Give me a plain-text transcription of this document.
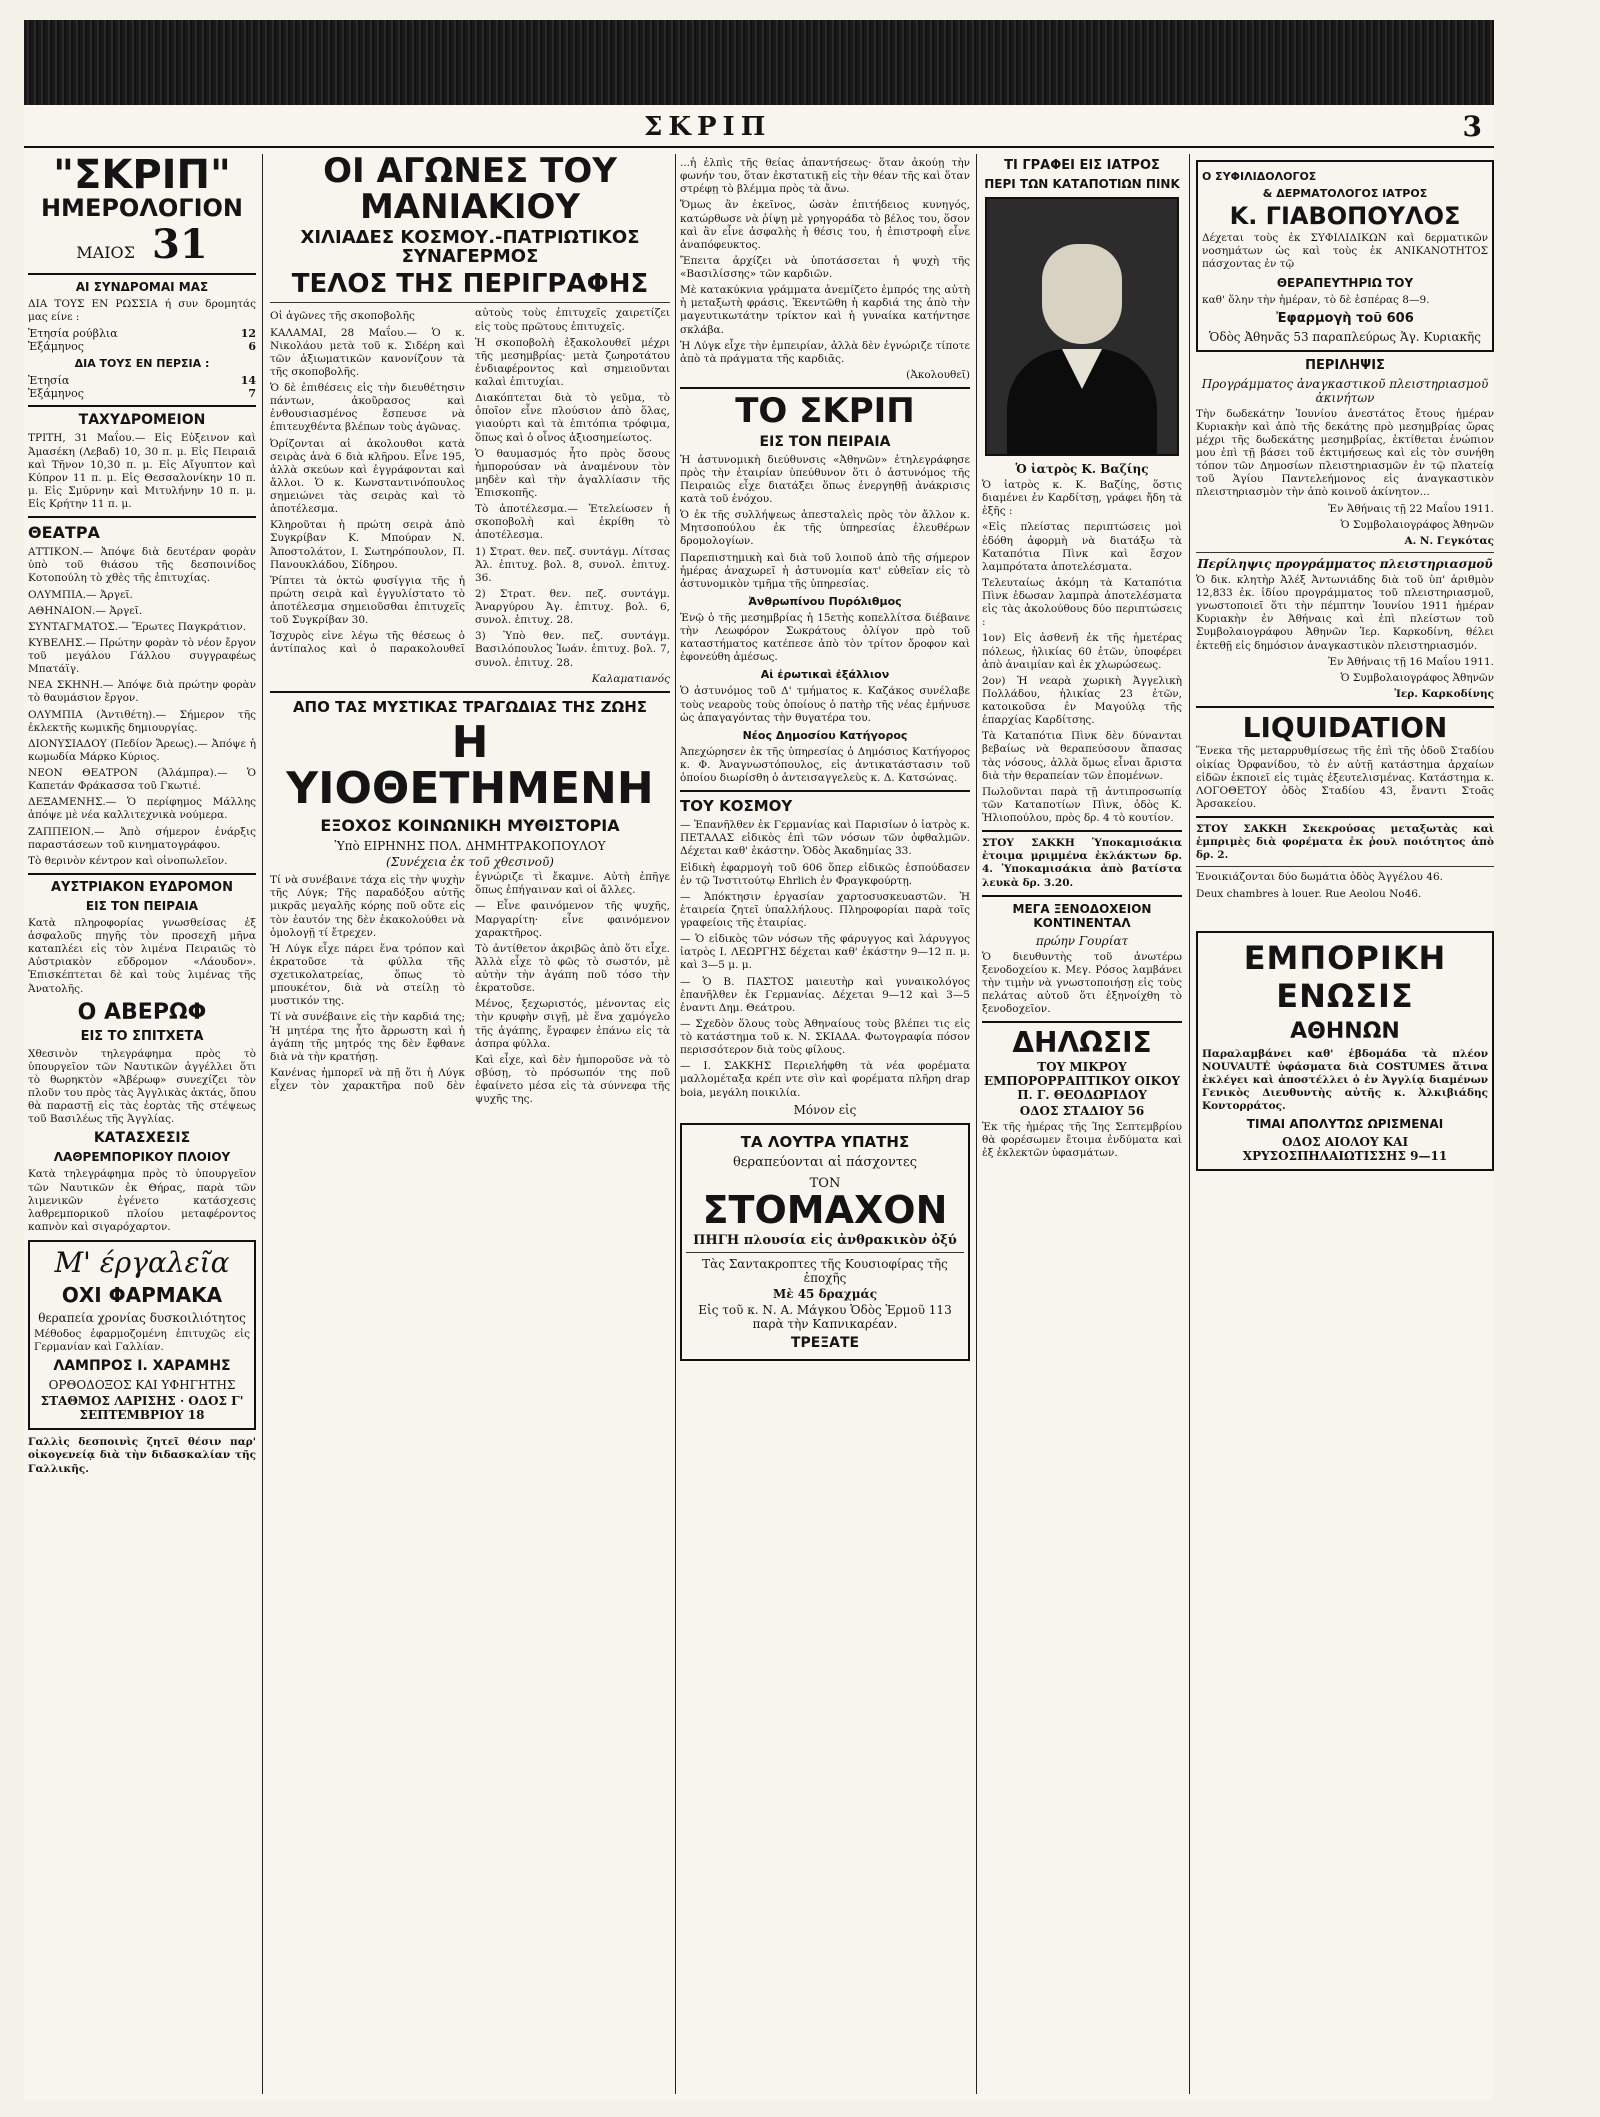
ΣΚΡΙΠ	3
"ΣΚΡΙΠ"
ΗΜΕΡΟΛΟΓΙΟΝ
ΜΑΙΟΣ 31
ΑΙ ΣΥΝΔΡΟΜΑΙ ΜΑΣ

ΔΙΑ ΤΟΥΣ ΕΝ ΡΩΣΣΙΑ ή συν δρομητάς μας είνε :

Ἐτησία ρούβλια	12
Ἑξάμηνος	6
ΔΙΑ ΤΟΥΣ ΕΝ ΠΕΡΣΙΑ :
Ἐτησία	14
Ἑξάμηνος	7
ΤΑΧΥΔΡΟΜΕΙΟΝ

ΤΡΙΤΗ, 31 Μαΐου.— Εἰς Εὐξεινον καὶ Ἀμασέκη (Λεβαδ) 10, 30 π. μ. Εἰς Πειραιᾶ καὶ Τῆνον 10,30 π. μ. Εἰς Αἴγυπτον καὶ Κύπρον 11 π. μ. Εἰς Θεσσαλονίκην 10 π. μ. Εἰς Σμύρνην καὶ Μιτυλήνην 10 π. μ. Εἰς Κρήτην 11 π. μ.

ΘΕΑΤΡΑ

ΑΤΤΙΚΟΝ.— Ἀπόψε διὰ δευτέραν φορὰν ὑπὸ τοῦ θιάσου τῆς δεσποινίδος Κοτοπούλη τὸ χθὲς τῆς ἐπιτυχίας.

ΟΛΥΜΠΙΑ.— Ἀργεῖ.

ΑΘΗΝΑΙΟΝ.— Ἀργεῖ.

ΣΥΝΤΑΓΜΑΤΟΣ.— Ἔρωτες Παγκράτιον.

ΚΥΒΕΛΗΣ.— Πρώτην φορὰν τὸ νέον ἔργον τοῦ μεγάλου Γάλλου συγγραφέως Μπατάϊγ.

ΝΕΑ ΣΚΗΝΗ.— Ἀπόψε διὰ πρώτην φορὰν τὸ θαυμάσιον ἔργον.

ΟΛΥΜΠΙΑ (Ἀντιθέτη).— Σήμερον τῆς ἐκλεκτῆς κωμικῆς δημιουργίας.

ΔΙΟΝΥΣΙΑΔΟΥ (Πεδίον Ἄρεως).— Ἀπόψε ἡ κωμωδία Μάρκο Κύριος.

ΝΕΟΝ ΘΕΑΤΡΟΝ (Ἀλάμπρα).— Ὁ Καπετάν Φράκασσα τοῦ Γκωτιέ.

ΔΕΞΑΜΕΝΗΣ.— Ὁ περίφημος Μάλλης ἀπόψε μὲ νέα καλλιτεχνικὰ νούμερα.

ΖΑΠΠΕΙΟΝ.— Ἀπὸ σήμερον ἐνάρξις παραστάσεων τοῦ κινηματογράφου.

Τὸ θερινὸν κέντρον καὶ οἰνοπωλεῖον.

ΑΥΣΤΡΙΑΚΟΝ ΕΥΔΡΟΜΟΝ
ΕΙΣ ΤΟΝ ΠΕΙΡΑΙΑ

Κατὰ πληροφορίας γνωσθείσας ἐξ ἀσφαλοῦς πηγῆς τὸν προσεχῆ μῆνα καταπλέει εἰς τὸν λιμένα Πειραιῶς τὸ Αὐστριακὸν εὔδρομον «Λάουδον». Ἐπισκέπτεται δὲ καὶ τοὺς λιμένας τῆς Ἀνατολῆς.

Ο ΑΒΕΡΩΦ
ΕΙΣ ΤΟ ΣΠΙΤΧΕΤΑ

Χθεσινὸν τηλεγράφημα πρὸς τὸ ὑπουργεῖον τῶν Ναυτικῶν ἀγγέλλει ὅτι τὸ θωρηκτὸν «Ἀβέρωφ» συνεχίζει τὸν πλοῦν του πρὸς τὰς Ἀγγλικὰς ἀκτάς, ὅπου θὰ παραστῇ εἰς τὰς ἑορτὰς τῆς στέψεως τοῦ Βασιλέως τῆς Ἀγγλίας.

ΚΑΤΑΣΧΕΣΙΣ
ΛΑΘΡΕΜΠΟΡΙΚΟΥ ΠΛΟΙΟΥ

Κατὰ τηλεγράφημα πρὸς τὸ ὑπουργεῖον τῶν Ναυτικῶν ἐκ Θήρας, παρὰ τῶν λιμενικῶν ἐγένετο κατάσχεσις λαθρεμπορικοῦ πλοίου μεταφέροντος καπνὸν καὶ σιγαρόχαρτον.

Μ' έργαλεῖα
ΟΧΙ ΦΑΡΜΑΚΑ
θεραπεία χρονίας δυσκοιλιότητος

Μέθοδος ἐφαρμοζομένη ἐπιτυχῶς εἰς Γερμανίαν καὶ Γαλλίαν.

ΛΑΜΠΡΟΣ Ι. ΧΑΡΑΜΗΣ
ΟΡΘΟΔΟΞΟΣ ΚΑΙ ΥΦΗΓΗΤΗΣ
ΣΤΑΘΜΟΣ ΛΑΡΙΣΗΣ · ΟΔΟΣ Γ' ΣΕΠΤΕΜΒΡΙΟΥ 18

Γαλλὶς δεσποινὶς ζητεῖ θέσιν παρ' οἰκογενείᾳ διὰ τὴν διδασκαλίαν τῆς Γαλλικῆς.

ΟΙ ΑΓΩΝΕΣ ΤΟΥ ΜΑΝΙΑΚΙΟΥ
ΧΙΛΙΑΔΕΣ ΚΟΣΜΟΥ.-ΠΑΤΡΙΩΤΙΚΟΣ ΣΥΝΑΓΕΡΜΟΣ
ΤΕΛΟΣ ΤΗΣ ΠΕΡΙΓΡΑΦΗΣ

Οἱ ἀγῶνες τῆς σκοποβολῆς

ΚΑΛΑΜΑΙ, 28 Μαΐου.— Ὁ κ. Νικολάου μετὰ τοῦ κ. Σιδέρη καὶ τῶν ἀξιωματικῶν κανονίζουν τὰ τῆς σκοποβολῆς.

Ὁ δὲ ἐπιθέσεις εἰς τὴν διευθέτησιν πάντων, ἀκοῦρασος καὶ ἐνθουσιασμένος ἔσπευσε νὰ ἐπιτευχθέντα βλέπων τοὺς ἀγῶνας.

Ὀρίζονται αἱ ἀκολουθοι κατὰ σειρὰς ἀνὰ 6 διὰ κλῆρου. Εἶνε 195, ἀλλὰ σκεύων καὶ ἐγγράφονται καὶ ἄλλοι. Ὁ κ. Κωνσταντινόπουλος σημειώνει τὰς σειρὰς καὶ τὸ ἀποτέλεσμα.

Κληροῦται ἡ πρώτη σειρὰ ἀπὸ Συγκρίβαν Κ. Μπούραν Ν. Ἀποστολάτον, Ι. Σωτηρόπουλον, Π. Πανουκλάδου, Σίδηρου.

Ῥίπτει τὰ ὀκτὼ φυσίγγια τῆς ἡ πρώτη σειρὰ καὶ ἐγγυλίστατο τὸ ἀποτέλεσμα σημειοῦσθαι ἐπιτυχεῖς τοῦ Συγκρίβαν 30.

Ἰσχυρὸς εἰνε λέγω τῆς θέσεως ὁ ἀντίπαλος καὶ ὁ παρακολουθεῖ αὐτοὺς τοὺς ἐπιτυχεῖς χαιρετίζει εἰς τοὺς πρῶτους ἐπιτυχεῖς.

Ἡ σκοποβολὴ ἐξακολουθεῖ μέχρι τῆς μεσημβρίας· μετὰ ζωηροτάτου ἐνδιαφέροντος καὶ σημειοῦνται καλαὶ ἐπιτυχίαι.

Διακόπτεται διὰ τὸ γεῦμα, τὸ ὁποῖον εἶνε πλούσιον ἀπὸ ὅλας, γιαούρτι καὶ τὰ ἐπιτόπια τρόφιμα, ὅπως καὶ ὁ οἶνος ἀξιοσημείωτος.

Ὁ θαυμασμός ἦτο πρὸς ὅσους ἠμπορούσαν νὰ ἀναμένουν τὸν μηδὲν καὶ τὴν ἀγαλλίασιν τῆς Ἐπισκοπῆς.

Τὸ ἀποτέλεσμα.— Ἐτελείωσεν ἡ σκοποβολὴ καὶ ἐκρίθη τὸ ἀποτέλεσμα.

1) Στρατ. θεν. πεζ. συντάγμ. Λίτσας Ἀλ. ἐπιτυχ. βολ. 8, συνολ. ἐπιτυχ. 36.

2) Στρατ. θεν. πεζ. συντάγμ. Ἀναργύρου Ἀγ. ἐπιτυχ. βολ. 6, συνολ. ἐπιτυχ. 28.

3) Ὑπὸ θεν. πεζ. συντάγμ. Βασιλόπουλος Ἰωάν. ἐπιτυχ. βολ. 7, συνολ. ἐπιτυχ. 28.

Καλαματιανός

ΑΠΟ ΤΑΣ ΜΥΣΤΙΚΑΣ ΤΡΑΓΩΔΙΑΣ ΤΗΣ ΖΩΗΣ
Η ΥΙΟΘΕΤΗΜΕΝΗ
ΕΞΟΧΟΣ ΚΟΙΝΩΝΙΚΗ ΜΥΘΙΣΤΟΡΙΑ
Ὑπὸ ΕΙΡΗΝΗΣ ΠΟΛ. ΔΗΜΗΤΡΑΚΟΠΟΥΛΟΥ
(Συνέχεια ἐκ τοῦ χθεσινοῦ)

Τί νὰ συνέβαινε τάχα εἰς τὴν ψυχὴν τῆς Λύγκ; Τῆς παραδόξου αὐτῆς μικρᾶς μεγαλῆς κόρης ποῦ οὔτε εἰς τὸν ἑαυτόν της δὲν ἐκακολούθει νὰ ὁμολογῇ τί ἔτρεχεν.

Ἡ Λύγκ εἶχε πάρει ἕνα τρόπον καὶ ἐκρατοῦσε τὰ φύλλα τῆς σχετικολατρείας, ὅπως τὸ μπουκέτον, διὰ νὰ στείλῃ τὸ μυστικόν της.

Τί νὰ συνέβαινε εἰς τὴν καρδιά της; Ἡ μητέρα της ἦτο ἄρρωστη καὶ ἡ ἀγάπη τῆς μητρός της δὲν ἔφθανε διὰ νὰ τὴν κρατήσῃ.

Κανένας ἠμπορεῖ νὰ πῇ ὅτι ἡ Λύγκ εἶχεν τὸν χαρακτῆρα ποῦ δὲν ἐγνώριζε τὶ ἔκαμνε. Αὐτὴ ἐπῆγε ὅπως ἐπήγαιναν καὶ οἱ ἄλλες.

— Εἶνε φαινόμενον τῆς ψυχῆς, Μαργαρίτη· εἶνε φαινόμενον χαρακτῆρος.

Τὸ ἀντίθετον ἀκριβῶς ἀπὸ ὅτι εἶχε. Ἀλλὰ εἶχε τὸ φῶς τὸ σωστόν, μὲ αὐτὴν τὴν ἀγάπη ποῦ τόσο τὴν ἐκρατοῦσε.

Μένος, ξεχωριστός, μένοντας εἰς τὴν κρυφὴν σιγῇ, μὲ ἕνα χαμόγελο τῆς ἀγάπης, ἔγραφεν ἐπάνω εἰς τὰ ἀσπρα φύλλα.

Καὶ εἶχε, καὶ δὲν ἠμποροῦσε νὰ τὸ σβύσῃ, τὸ πρόσωπόν της ποῦ ἐφαίνετο μέσα εἰς τὰ σύννεφα τῆς ψυχῆς της.

...ἡ ἐλπὶς τῆς θείας ἀπαντήσεως· ὅταν ἀκούῃ τὴν φωνήν του, ὅταν ἐκστατικῇ εἰς τὴν θέαν τῆς καὶ ὅταν στρέφῃ τὸ βλέμμα πρὸς τὰ ἄνω.

Ὅμως ἂν ἐκεῖνος, ὡσὰν ἐπιτήδειος κυνηγός, κατώρθωσε νὰ ῥίψῃ μὲ γρηγοράδα τὸ βέλος του, ὅσον καὶ ἂν εἶνε ἀσφαλὴς ἡ θέσις του, ἡ ἐπιστροφὴ εἶνε ἀναπόφευκτος.

Ἔπειτα ἀρχίζει νὰ ὑποτάσσεται ἡ ψυχὴ τῆς «Βασιλίσσης» τῶν καρδιῶν.

Μὲ κατακύκνια γράμματα ἀνεμίζετο ἐμπρός της αὐτὴ ἡ μεταξωτὴ φράσις. Ἐκεντῶθη ἡ καρδιά της ἀπὸ τὴν μαγευτικωτάτην τρίκτον καὶ ἡ γυναίκα κατήντησε σκλάβα.

Ἡ Λύγκ εἶχε τὴν ἐμπειρίαν, ἀλλὰ δὲν ἐγνώριζε τίποτε ἀπὸ τὰ πράγματα τῆς καρδιᾶς.

(Ἀκολουθεῖ)

ΤΟ ΣΚΡΙΠ
ΕΙΣ ΤΟΝ ΠΕΙΡΑΙΑ

Ἡ ἀστυνομικὴ διεύθυνσις «Ἀθηνῶν» ἐτηλεγράφησε πρὸς τὴν ἐταιρίαν ὑπεύθυνον ὅτι ὁ ἀστυνόμος τῆς Πειραιῶς εἶχε διατάξει ὅπως ἐνεργηθῇ ἀνάκρισις κατὰ τοῦ ἐνόχου.

Ὁ ἐκ τῆς συλλήψεως ἀπεσταλεὶς πρὸς τὸν ἄλλον κ. Μητσοπούλου ἐκ τῆς ὑπηρεσίας ἐλευθέρων δρομολογίων.

Παρεπιστημικὴ καὶ διὰ τοῦ λοιποῦ ἀπὸ τῆς σήμερον ἡμέρας ἀναχωρεῖ ἡ ἀστυνομία κατ' εὐθεῖαν εἰς τὸ ἀστυνομικὸν τμῆμα τῆς ὑπηρεσίας.

Ἀνθρωπίνου Πυρόλιθμος

Ἐνῷ ὁ τῆς μεσημβρίας ἡ 15ετὴς κοπελλίτσα διέβαινε τὴν Λεωφόρον Σωκράτους ὁλίγον πρὸ τοῦ καταστήματος κατέπεσε ἀπὸ τὸν τρίτον ὄροφον καὶ ἐφονεύθη ἀμέσως.

Αἱ ἐρωτικαὶ ἐξάλλιον

Ὁ ἀστυνόμος τοῦ Δ' τμήματος κ. Καζάκος συνέλαβε τοὺς νεαροὺς τοὺς ὁποίους ὁ πατὴρ τῆς νέας ἐμήνυσε ὡς ἀπαγαγόντας τὴν θυγατέρα του.

Νέος Δημοσίου Κατήγορος

Ἀπεχώρησεν ἐκ τῆς ὑπηρεσίας ὁ Δημόσιος Κατήγορος κ. Φ. Ἀναγνωστόπουλος, εἰς ἀντικατάστασιν τοῦ ὁποίου διωρίσθη ὁ ἀντεισαγγελεὺς κ. Δ. Κατσώνας.

ΤΟΥ ΚΟΣΜΟΥ

— Ἐπανῆλθεν ἐκ Γερμανίας καὶ Παρισίων ὁ ἰατρὸς κ. ΠΕΤΑΛΑΣ εἰδικὸς ἐπὶ τῶν νόσων τῶν ὀφθαλμῶν. Δέχεται καθ' ἑκάστην. Ὁδὸς Ἀκαδημίας 33.

Εἰδικὴ ἐφαρμογὴ τοῦ 606 ὅπερ εἰδικῶς ἐσπούδασεν ἐν τῷ Ἰνστιτούτῳ Ehrlich ἐν Φραγκφούρτῃ.

— Ἀπόκτησιν ἐργασίαν χαρτοσυσκευαστῶν. Ἡ ἑταιρεία ζητεῖ ὑπαλλήλους. Πληροφορίαι παρὰ τοῖς γραφείοις τῆς ἐταιρίας.

— Ὁ εἰδικὸς τῶν νόσων τῆς φάρυγγος καὶ λάρυγγος ἰατρὸς Ι. ΛΕΩΡΓΗΣ δέχεται καθ' ἑκάστην 9—12 π. μ. καὶ 3—5 μ. μ.

— Ὁ Β. ΠΑΣΤΟΣ μαιευτὴρ καὶ γυναικολόγος ἐπανῆλθεν ἐκ Γερμανίας. Δέχεται 9—12 καὶ 3—5 ἐναντι Δημ. Θεάτρου.

— Σχεδὸν ὅλους τοὺς Ἀθηναίους τοὺς βλέπει τις εἰς τὸ κατάστημα τοῦ κ. Ν. ΣΚΙΑΔΑ. Φωτογραφία πόσον περισσότερον διὰ τοὺς φίλους.

— Ι. ΣΑΚΚΗΣ Περιελήφθη τὰ νέα φορέματα μαλλομέταξα κρέπ ντε σὶν καὶ φορέματα πλῆρη drap boia, μεγάλη ποικιλία.

Μόνον εἰς
ΤΑ ΛΟΥΤΡΑ ΥΠΑΤΗΣ
θεραπεύονται αἱ πάσχοντες
ΤΟΝ ΣΤΟΜΑΧΟΝ
ΠΗΓΗ πλουσία εἰς ἀνθρακικὸν ὀξύ
Τὰς Σαντακροπτες τῆς Κουσιοφίρας τῆς ἐποχῆς
Μὲ 45 δραχμάς
Εἰς τοῦ κ. Ν. Α. Μάγκου Ὁδὸς Ἑρμοῦ 113 παρὰ τὴν Καπνικαρέαν.
ΤΡΕΞΑΤΕ
ΤΙ ΓΡΑΦΕΙ ΕΙΣ ΙΑΤΡΟΣ
ΠΕΡΙ ΤΩΝ ΚΑΤΑΠΟΤΙΩΝ ΠΙΝΚ
Ὁ ἰατρὸς Κ. Βαζίης

Ὁ ἰατρὸς κ. Κ. Βαζίης, ὅστις διαμένει ἐν Καρδίτσῃ, γράφει ἤδη τὰ ἑξῆς :

«Εἰς πλείστας περιπτώσεις μοὶ ἐδόθη ἀφορμὴ νὰ διατάξω τὰ Καταπότια Πὶνκ καὶ ἔσχον λαμπρότατα ἀποτελέσματα.

Τελευταίως ἀκόμη τὰ Καταπότια Πὶνκ ἐδωσαν λαμπρὰ ἀποτελέσματα εἰς τὰς ἀκολούθους δύο περιπτώσεις :

1ον) Εἰς ἀσθενῆ ἐκ τῆς ἡμετέρας πόλεως, ἡλικίας 60 ἐτῶν, ὑποφέρει ἀπὸ ἀναιμίαν καὶ ἐκ χλωρώσεως.

2ον) Ἡ νεαρὰ χωρικὴ Ἀγγελικὴ Πολλάδου, ἡλικίας 23 ἐτῶν, κατοικοῦσα ἐν Μαγούλᾳ τῆς ἐπαρχίας Καρδίτσης.

Τὰ Καταπότια Πὶνκ δὲν δύνανται βεβαίως νὰ θεραπεύσουν ἅπασας τὰς νόσους, ἀλλὰ ὅμως εἶναι ἄριστα διὰ τὴν θεραπείαν τῶν ἐπομένων.

Πωλοῦνται παρὰ τῇ ἀντιπροσωπίᾳ τῶν Καταποτίων Πὶνκ, ὁδὸς Κ. Ἠλιοπούλου, πρὸς δρ. 4 τὸ κουτίον.

ΣΤΟΥ ΣΑΚΚΗ Ὑποκαμισάκια ἐτοιμα μριμμένα ἐκλάκτων δρ. 4. Ὑποκαμισάκια ἀπὸ βατίστα λευκὰ δρ. 3.20.

ΜΕΓΑ ΞΕΝΟΔΟΧΕΙΟΝ ΚΟΝΤΙΝΕΝΤΑΛ
πρώην Γουρίατ

Ὁ διευθυντὴς τοῦ ἀνωτέρω ξενοδοχείου κ. Μεγ. Ρόσος λαμβάνει τὴν τιμὴν νὰ γνωστοποιήσῃ εἰς τοὺς πελάτας αὐτοῦ ὅτι ἐξηνοίχθη τὸ ξενοδοχεῖον.

ΔΗΛΩΣΙΣ
ΤΟΥ ΜΙΚΡΟΥ ΕΜΠΟΡΟΡΡΑΠΤΙΚΟΥ ΟΙΚΟΥ Π. Γ. ΘΕΟΔΩΡΙΔΟΥ
ΟΔΟΣ ΣΤΑΔΙΟΥ 56

Ἐκ τῆς ἡμέρας τῆς Ἰης Σεπτεμβρίου θὰ φορέσωμεν ἔτοιμα ἐνδύματα καὶ ἐξ ἐκλεκτῶν ὑφασμάτων.

Ο ΣΥΦΙΛΙΔΟΛΟΓΟΣ
& ΔΕΡΜΑΤΟΛΟΓΟΣ ΙΑΤΡΟΣ
Κ. ΓΙΑΒΟΠΟΥΛΟΣ

Δέχεται τοὺς ἐκ ΣΥΦΙΛΙΔΙΚΩΝ καὶ δερματικῶν νοσημάτων ὡς καὶ τοὺς ἐκ ΑΝΙΚΑΝΟΤΗΤΟΣ πάσχοντας ἐν τῷ

ΘΕΡΑΠΕΥΤΗΡΙΩ ΤΟΥ

καθ' ὅλην τὴν ἡμέραν, τὸ δὲ ἑσπέρας 8—9.

Ἐφαρμογὴ τοῦ 606
Ὁδὸς Ἀθηνᾶς 53 παραπλεύρως Ἁγ. Κυριακῆς
ΠΕΡΙΛΗΨΙΣ
Προγράμματος ἀναγκαστικοῦ πλειστηριασμοῦ ἀκινήτων

Τὴν δωδεκάτην Ἰουνίου ἀνεστάτος ἔτους ἡμέραν Κυριακὴν καὶ ἀπὸ τῆς δεκάτης πρὸ μεσημβρίας ὥρας μέχρι τῆς δωδεκάτης μεσημβρίας, ἐκτίθεται ἐνώπιον μου ἐπὶ τῇ βάσει τοῦ ἐκτιμήσεως καὶ εἰς τὸν συνήθη τόπον τῶν Δημοσίων πλειστηριασμῶν ἐν τῷ πλατείᾳ τοῦ Ἁγίου Παντελεήμονος εἰς ἀναγκαστικὸν πλειστηριασμὸν τὴν ἀπὸ κοινοῦ ἀκίνητον...

Ἐν Ἀθήναις τῇ 22 Μαΐου 1911.

Ὁ Συμβολαιογράφος Ἀθηνῶν

Α. Ν. Γεγκότας

Περίληψις προγράμματος πλειστηριασμοῦ

Ὁ δικ. κλητὴρ Ἀλέξ Ἀντωνιάδης διὰ τοῦ ὑπ' ἀριθμὸν 12,833 ἐκ. ἰδίου προγράμματος τοῦ πλειστηριασμοῦ, γνωστοποιεῖ ὅτι τὴν πέμπτην Ἰουνίου 1911 ἡμέραν Κυριακὴν ἐν Ἀθήναις καὶ ἐπὶ πλείστων τοῦ Συμβολαιογράφου Ἀθηνῶν Ἱερ. Καρκοδίνη, θέλει ἐκτεθῇ εἰς δημόσιον ἀναγκαστικὸν πλειστηριασμόν.

Ἐν Ἀθήναις τῇ 16 Μαΐου 1911.

Ὁ Συμβολαιογράφος Ἀθηνῶν

Ἱερ. Καρκοδίνης

LIQUIDATION

Ἕνεκα τῆς μεταρρυθμίσεως τῆς ἐπὶ τῆς ὁδοῦ Σταδίου οἰκίας Ὀρφανίδου, τὸ ἐν αὐτῇ κατάστημα ἀρχαίων εἰδῶν ἐκποιεῖ εἰς τιμὰς ἐξευτελισμένας. Κατάστημα κ. ΛΟΓΟΘΕΤΟΥ ὁδὸς Σταδίου 43, ἔναντι Στοᾶς Ἀρσακείου.

ΣΤΟΥ ΣΑΚΚΗ Σκεκρούσας μεταξωτὰς καὶ ἐμπριμὲς διὰ φορέματα ἐκ ῥουλ ποιότητος ἀπὸ δρ. 2.

Ἐνοικιάζονται δύο δωμάτια ὁδὸς Ἀγγέλου 46.

Deux chambres à louer. Rue Aeolou No46.

ΕΜΠΟΡΙΚΗ ΕΝΩΣΙΣ
ΑΘΗΝΩΝ

Παραλαμβάνει καθ' ἑβδομάδα τὰ πλέον NOUVAUTÉ ὑφάσματα διὰ COSTUMES ἅτινα ἐκλέγει καὶ ἀποστέλλει ὁ ἐν Ἀγγλίᾳ διαμένων Γενικὸς Διευθυντὴς αὐτῆς κ. Ἀλκιβιάδης Κοντορράτος.

ΤΙΜΑΙ ΑΠΟΛΥΤΩΣ ΩΡΙΣΜΕΝΑΙ
ΟΔΟΣ ΑΙΟΛΟΥ ΚΑΙ ΧΡΥΣΟΣΠΗΛΑΙΩΤΙΣΣΗΣ 9—11
